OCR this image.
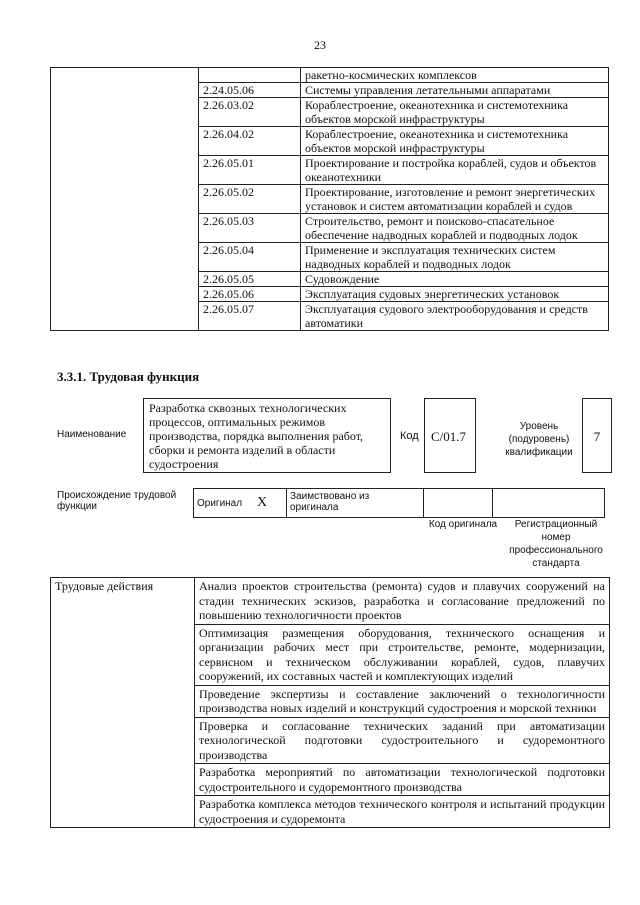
23
		ракетно-космических комплексов
	2.24.05.06	Системы управления летательными аппаратами
	2.26.03.02	Кораблестроение, океанотехника и системотехника объектов морской инфраструктуры
	2.26.04.02	Кораблестроение, океанотехника и системотехника объектов морской инфраструктуры
	2.26.05.01	Проектирование и постройка кораблей, судов и объектов океанотехники
	2.26.05.02	Проектирование, изготовление и ремонт энергетических установок и систем автоматизации кораблей и судов
	2.26.05.03	Строительство, ремонт и поисково-спасательное обеспечение надводных кораблей и подводных лодок
	2.26.05.04	Применение и эксплуатация технических систем надводных кораблей и подводных лодок
	2.26.05.05	Судовождение
	2.26.05.06	Эксплуатация судовых энергетических установок
	2.26.05.07	Эксплуатация судового электрооборудования и средств автоматики
3.3.1. Трудовая функция
Наименование
Разработка сквозных технологических процессов, оптимальных режимов производства, порядка выполнения работ, сборки и ремонта изделий в области судостроения
Код С/01.7
Уровень (подуровень) квалификации
7
Происхождение трудовой функции	Оригинал	X	Заимствовано из оригинала		
Код оригинала	Регистрационный номер профессионального стандарта
Трудовые действия	Анализ проектов строительства (ремонта) судов и плавучих сооружений на стадии технических эскизов, разработка и согласование предложений по повышению технологичности проектов
Оптимизация размещения оборудования, технического оснащения и организации рабочих мест при строительстве, ремонте, модернизации, сервисном и техническом обслуживании кораблей, судов, плавучих сооружений, их составных частей и комплектующих изделий
Проведение экспертизы и составление заключений о технологичности производства новых изделий и конструкций судостроения и морской техники
Проверка и согласование технических заданий при автоматизации технологической подготовки судостроительного и судоремонтного производства
Разработка мероприятий по автоматизации технологической подготовки судостроительного и судоремонтного производства
Разработка комплекса методов технического контроля и испытаний продукции судостроения и судоремонта
